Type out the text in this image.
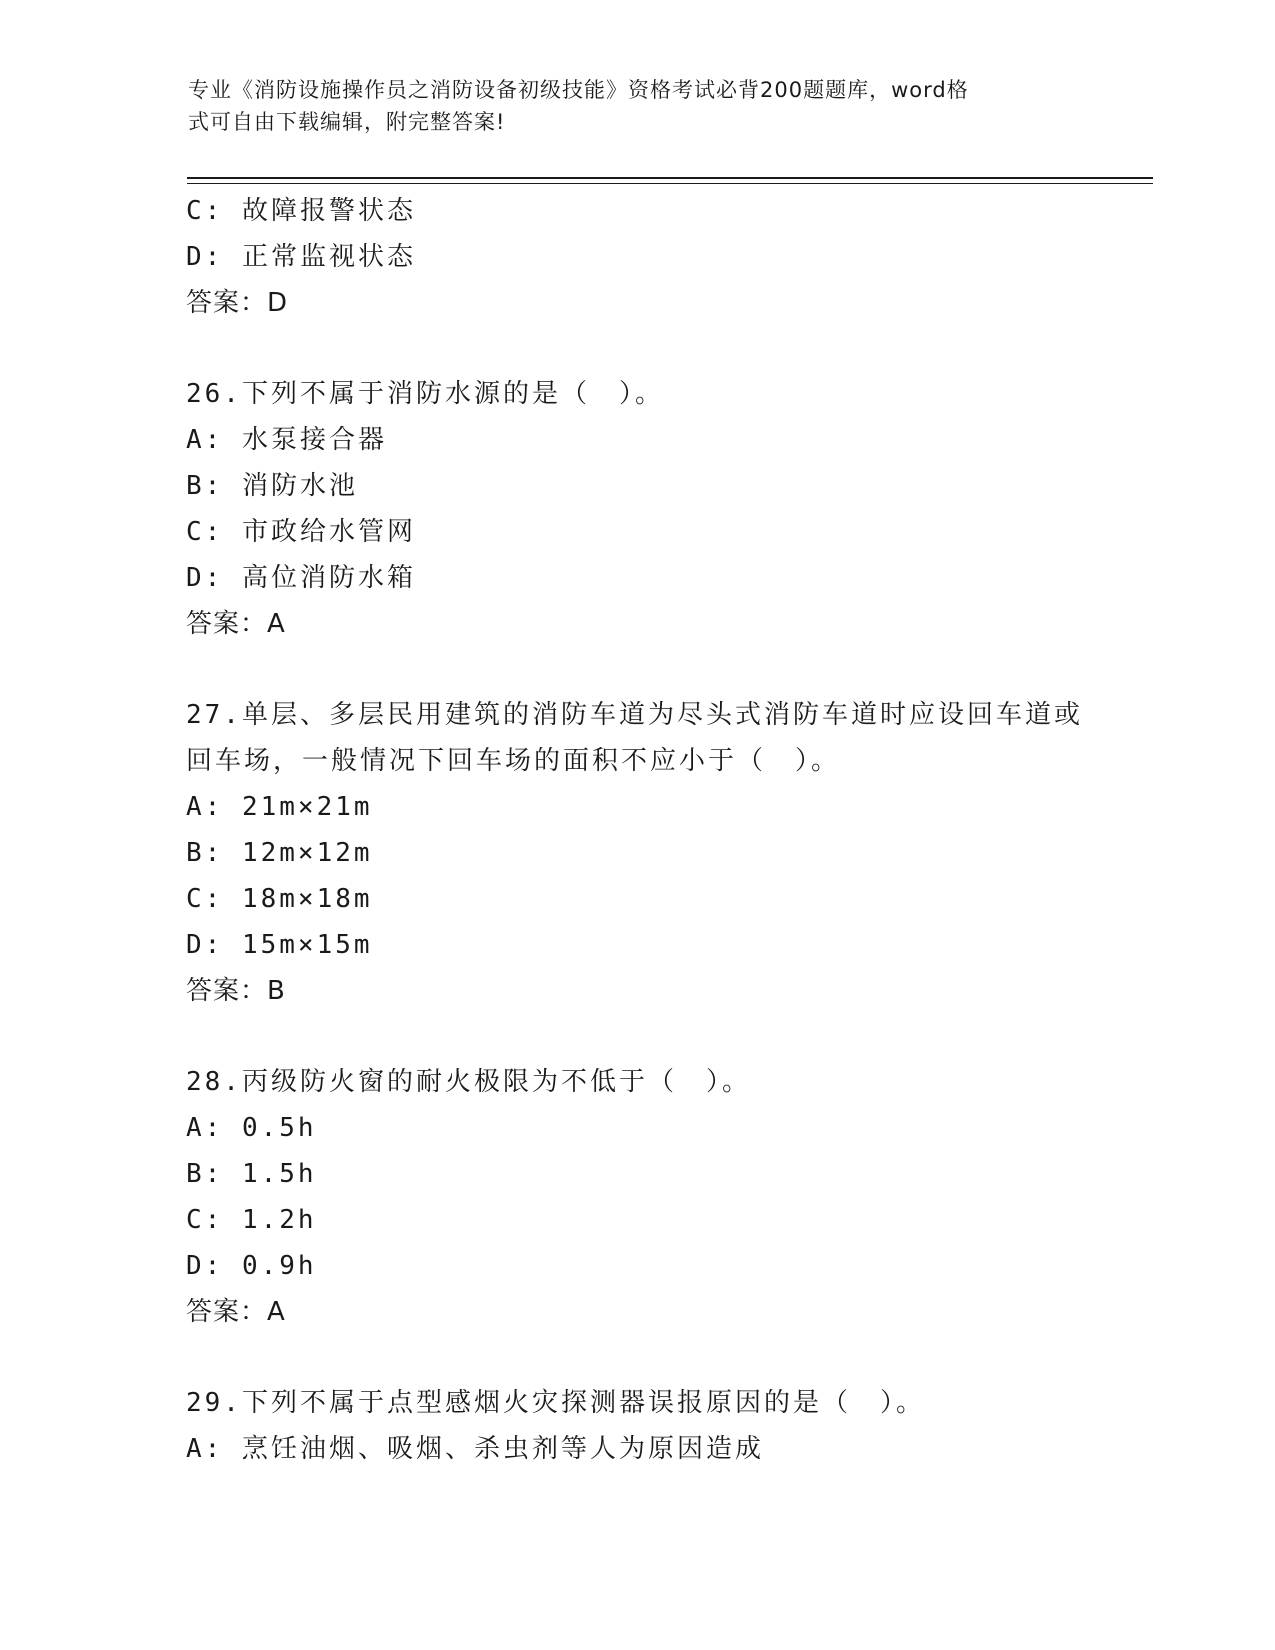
专业《消防设施操作员之消防设备初级技能》资格考试必背200题题库，word格
式可自由下载编辑，附完整答案!
C: 故障报警状态
D: 正常监视状态
答案：D
26.下列不属于消防水源的是（　）。
A: 水泵接合器
B: 消防水池
C: 市政给水管网
D: 高位消防水箱
答案：A
27.单层、多层民用建筑的消防车道为尽头式消防车道时应设回车道或
回车场，一般情况下回车场的面积不应小于（　）。
A: 21m×21m
B: 12m×12m
C: 18m×18m
D: 15m×15m
答案：B
28.丙级防火窗的耐火极限为不低于（　）。
A: 0.5h
B: 1.5h
C: 1.2h
D: 0.9h
答案：A
29.下列不属于点型感烟火灾探测器误报原因的是（　）。
A: 烹饪油烟、吸烟、杀虫剂等人为原因造成
